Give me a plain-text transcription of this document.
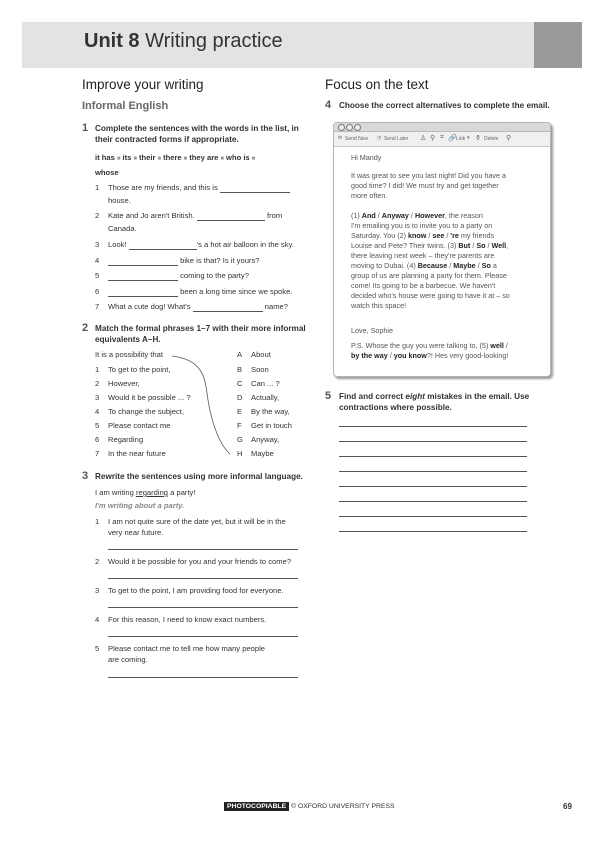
Unit 8 Writing practice
Improve your writing
Informal English
1 Complete the sentences with the words in the list, in
their contracted forms if appropriate.
it has ■ its ■ their ■ there ■ they are ■ who is ■
whose
1 Those are my friends, and this is
house.
2 Kate and Jo aren't British.	from
Canada.
3 Look!	's a hot air balloon in the sky.
4	bike is that? Is it yours?
5	coming to the party?
6	been a long time since we spoke.
7 What a cute dog! What's	name?
2 Match the formal phrases 1–7 with their more informal
equivalents A–H.
It is a possibility that
1 To get to the point,
2 However,
3 Would it be possible ... ?
4 To change the subject,
5 Please contact me
6 Regarding
7 In the near future
A About
B Soon
C Can ... ?
D Actually,
E By the way,
F Get in touch
G Anyway,
H Maybe
3 Rewrite the sentences using more informal language.
I am writing regarding a party!
I'm writing about a party.
1 I am not quite sure of the date yet, but it will be in the
very near future.
2 Would it be possible for you and your friends to come?
3 To get to the point, I am providing food for everyone.
4 For this reason, I need to know exact numbers.
5 Please contact me to tell me how many people
are coming.
Focus on the text
4 Choose the correct alternatives to complete the email.
✉ Send Now ◷ Send Later ♙ ⚲ ⌗ 🔗 Link ▾ ⚱ Delete ⚲
Hi Mandy
It was great to see you last night! Did you have a
good time? I did! We must try and get together
more often.
(1) And / Anyway / However, the reason
I'm emailing you is to invite you to a party on
Saturday. You (2) know / see / 're my friends
Louise and Pete? Their twins. (3) But / So / Well,
there leaving next week – they're parents are
moving to Dubai. (4) Because / Maybe / So a
group of us are planning a party for them. Please
come! Its going to be a barbecue. We haven't
decided who's house were going to have it at – so
watch this space!
Love, Sophie
P.S. Whose the guy you were talking to, (5) well /
by the way / you know?! Hes very good-looking!
5 Find and correct eight mistakes in the email. Use
contractions where possible.
PHOTOCOPIABLE © OXFORD UNIVERSITY PRESS	69
